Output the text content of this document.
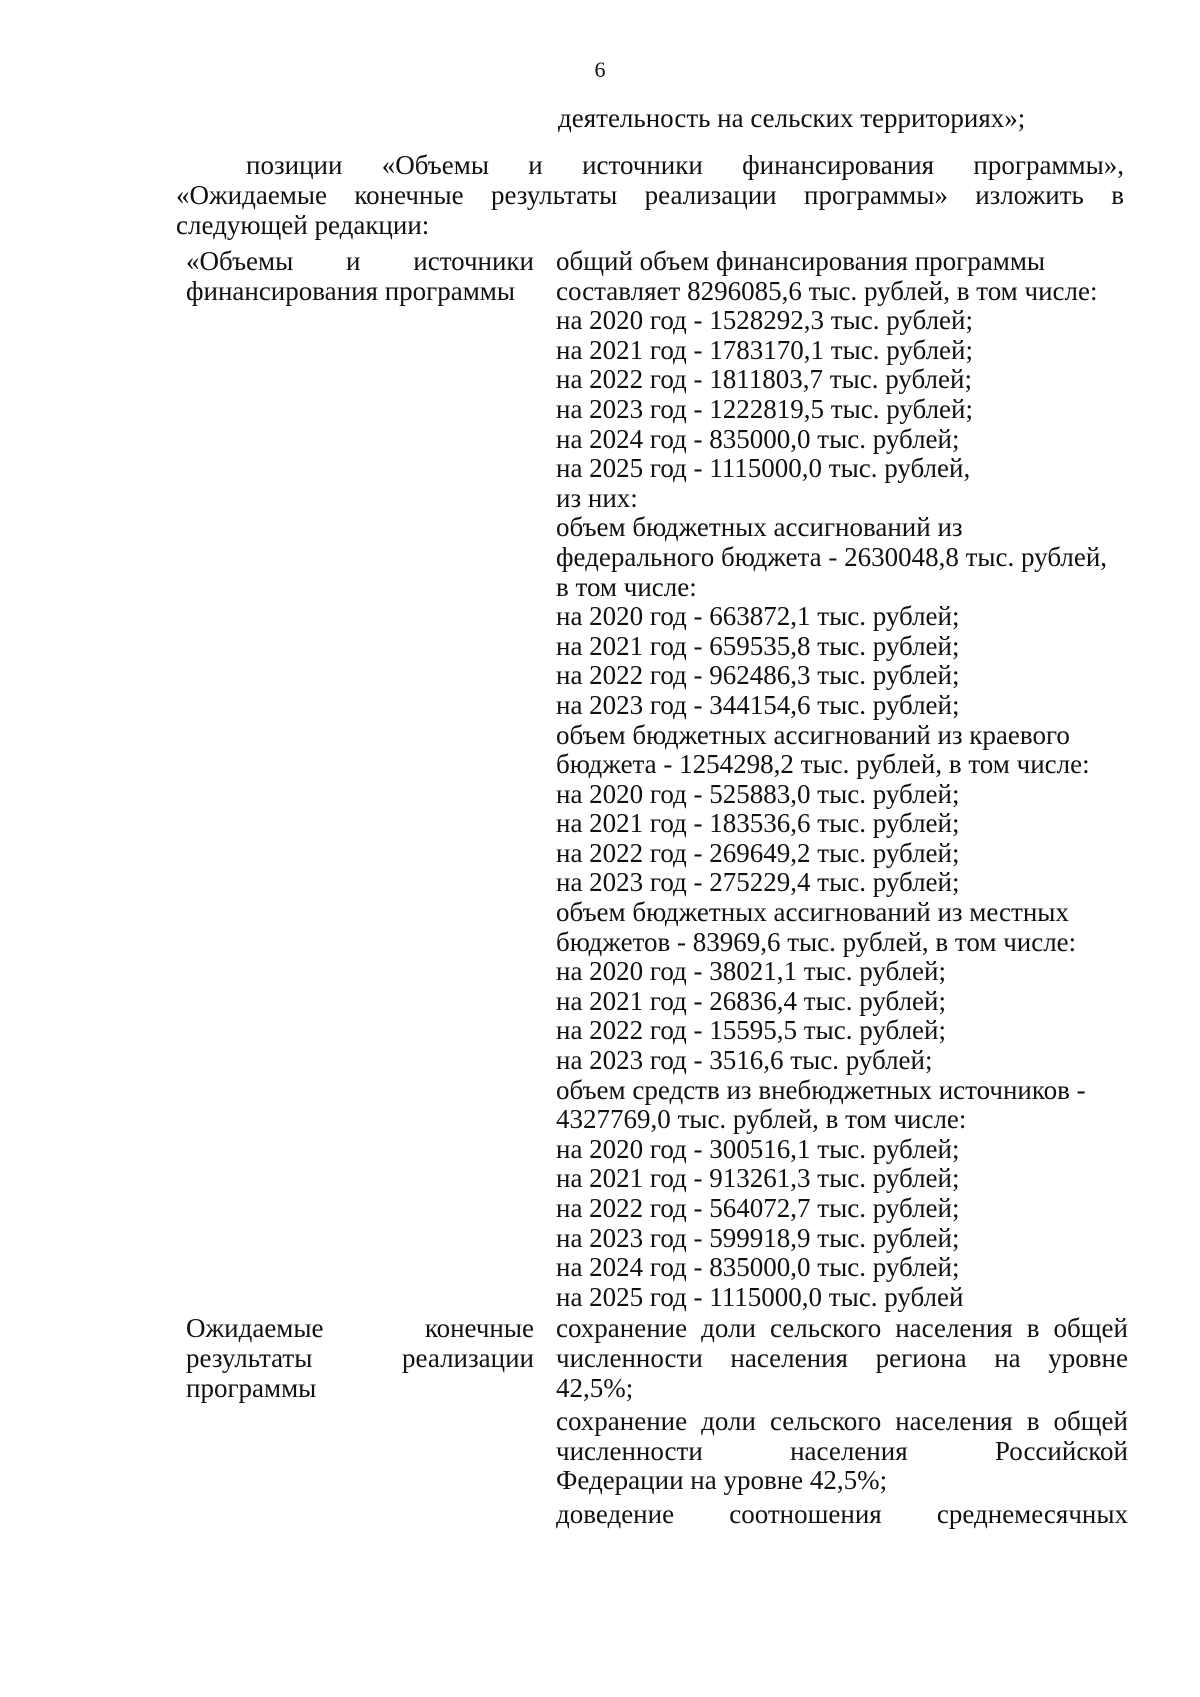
6
деятельность на сельских территориях»;
позиции «Объемы и источники финансирования программы»,
«Ожидаемые конечные результаты реализации программы» изложить в
следующей редакции:
«Объемы и источники
финансирования программы
общий объем финансирования программы
составляет 8296085,6 тыс. рублей, в том числе:
на 2020 год - 1528292,3 тыс. рублей;
на 2021 год - 1783170,1 тыс. рублей;
на 2022 год - 1811803,7 тыс. рублей;
на 2023 год - 1222819,5 тыс. рублей;
на 2024 год - 835000,0 тыс. рублей;
на 2025 год - 1115000,0 тыс. рублей,
из них:
объем бюджетных ассигнований из
федерального бюджета - 2630048,8 тыс. рублей,
в том числе:
на 2020 год - 663872,1 тыс. рублей;
на 2021 год - 659535,8 тыс. рублей;
на 2022 год - 962486,3 тыс. рублей;
на 2023 год - 344154,6 тыс. рублей;
объем бюджетных ассигнований из краевого
бюджета - 1254298,2 тыс. рублей, в том числе:
на 2020 год - 525883,0 тыс. рублей;
на 2021 год - 183536,6 тыс. рублей;
на 2022 год - 269649,2 тыс. рублей;
на 2023 год - 275229,4 тыс. рублей;
объем бюджетных ассигнований из местных
бюджетов - 83969,6 тыс. рублей, в том числе:
на 2020 год - 38021,1 тыс. рублей;
на 2021 год - 26836,4 тыс. рублей;
на 2022 год - 15595,5 тыс. рублей;
на 2023 год - 3516,6 тыс. рублей;
объем средств из внебюджетных источников -
4327769,0 тыс. рублей, в том числе:
на 2020 год - 300516,1 тыс. рублей;
на 2021 год - 913261,3 тыс. рублей;
на 2022 год - 564072,7 тыс. рублей;
на 2023 год - 599918,9 тыс. рублей;
на 2024 год - 835000,0 тыс. рублей;
на 2025 год - 1115000,0 тыс. рублей
Ожидаемые конечные
результаты реализации
программы
сохранение доли сельского населения в общей
численности населения региона на уровне
42,5%;
сохранение доли сельского населения в общей
численности населения Российской
Федерации на уровне 42,5%;
доведение соотношения среднемесячных
